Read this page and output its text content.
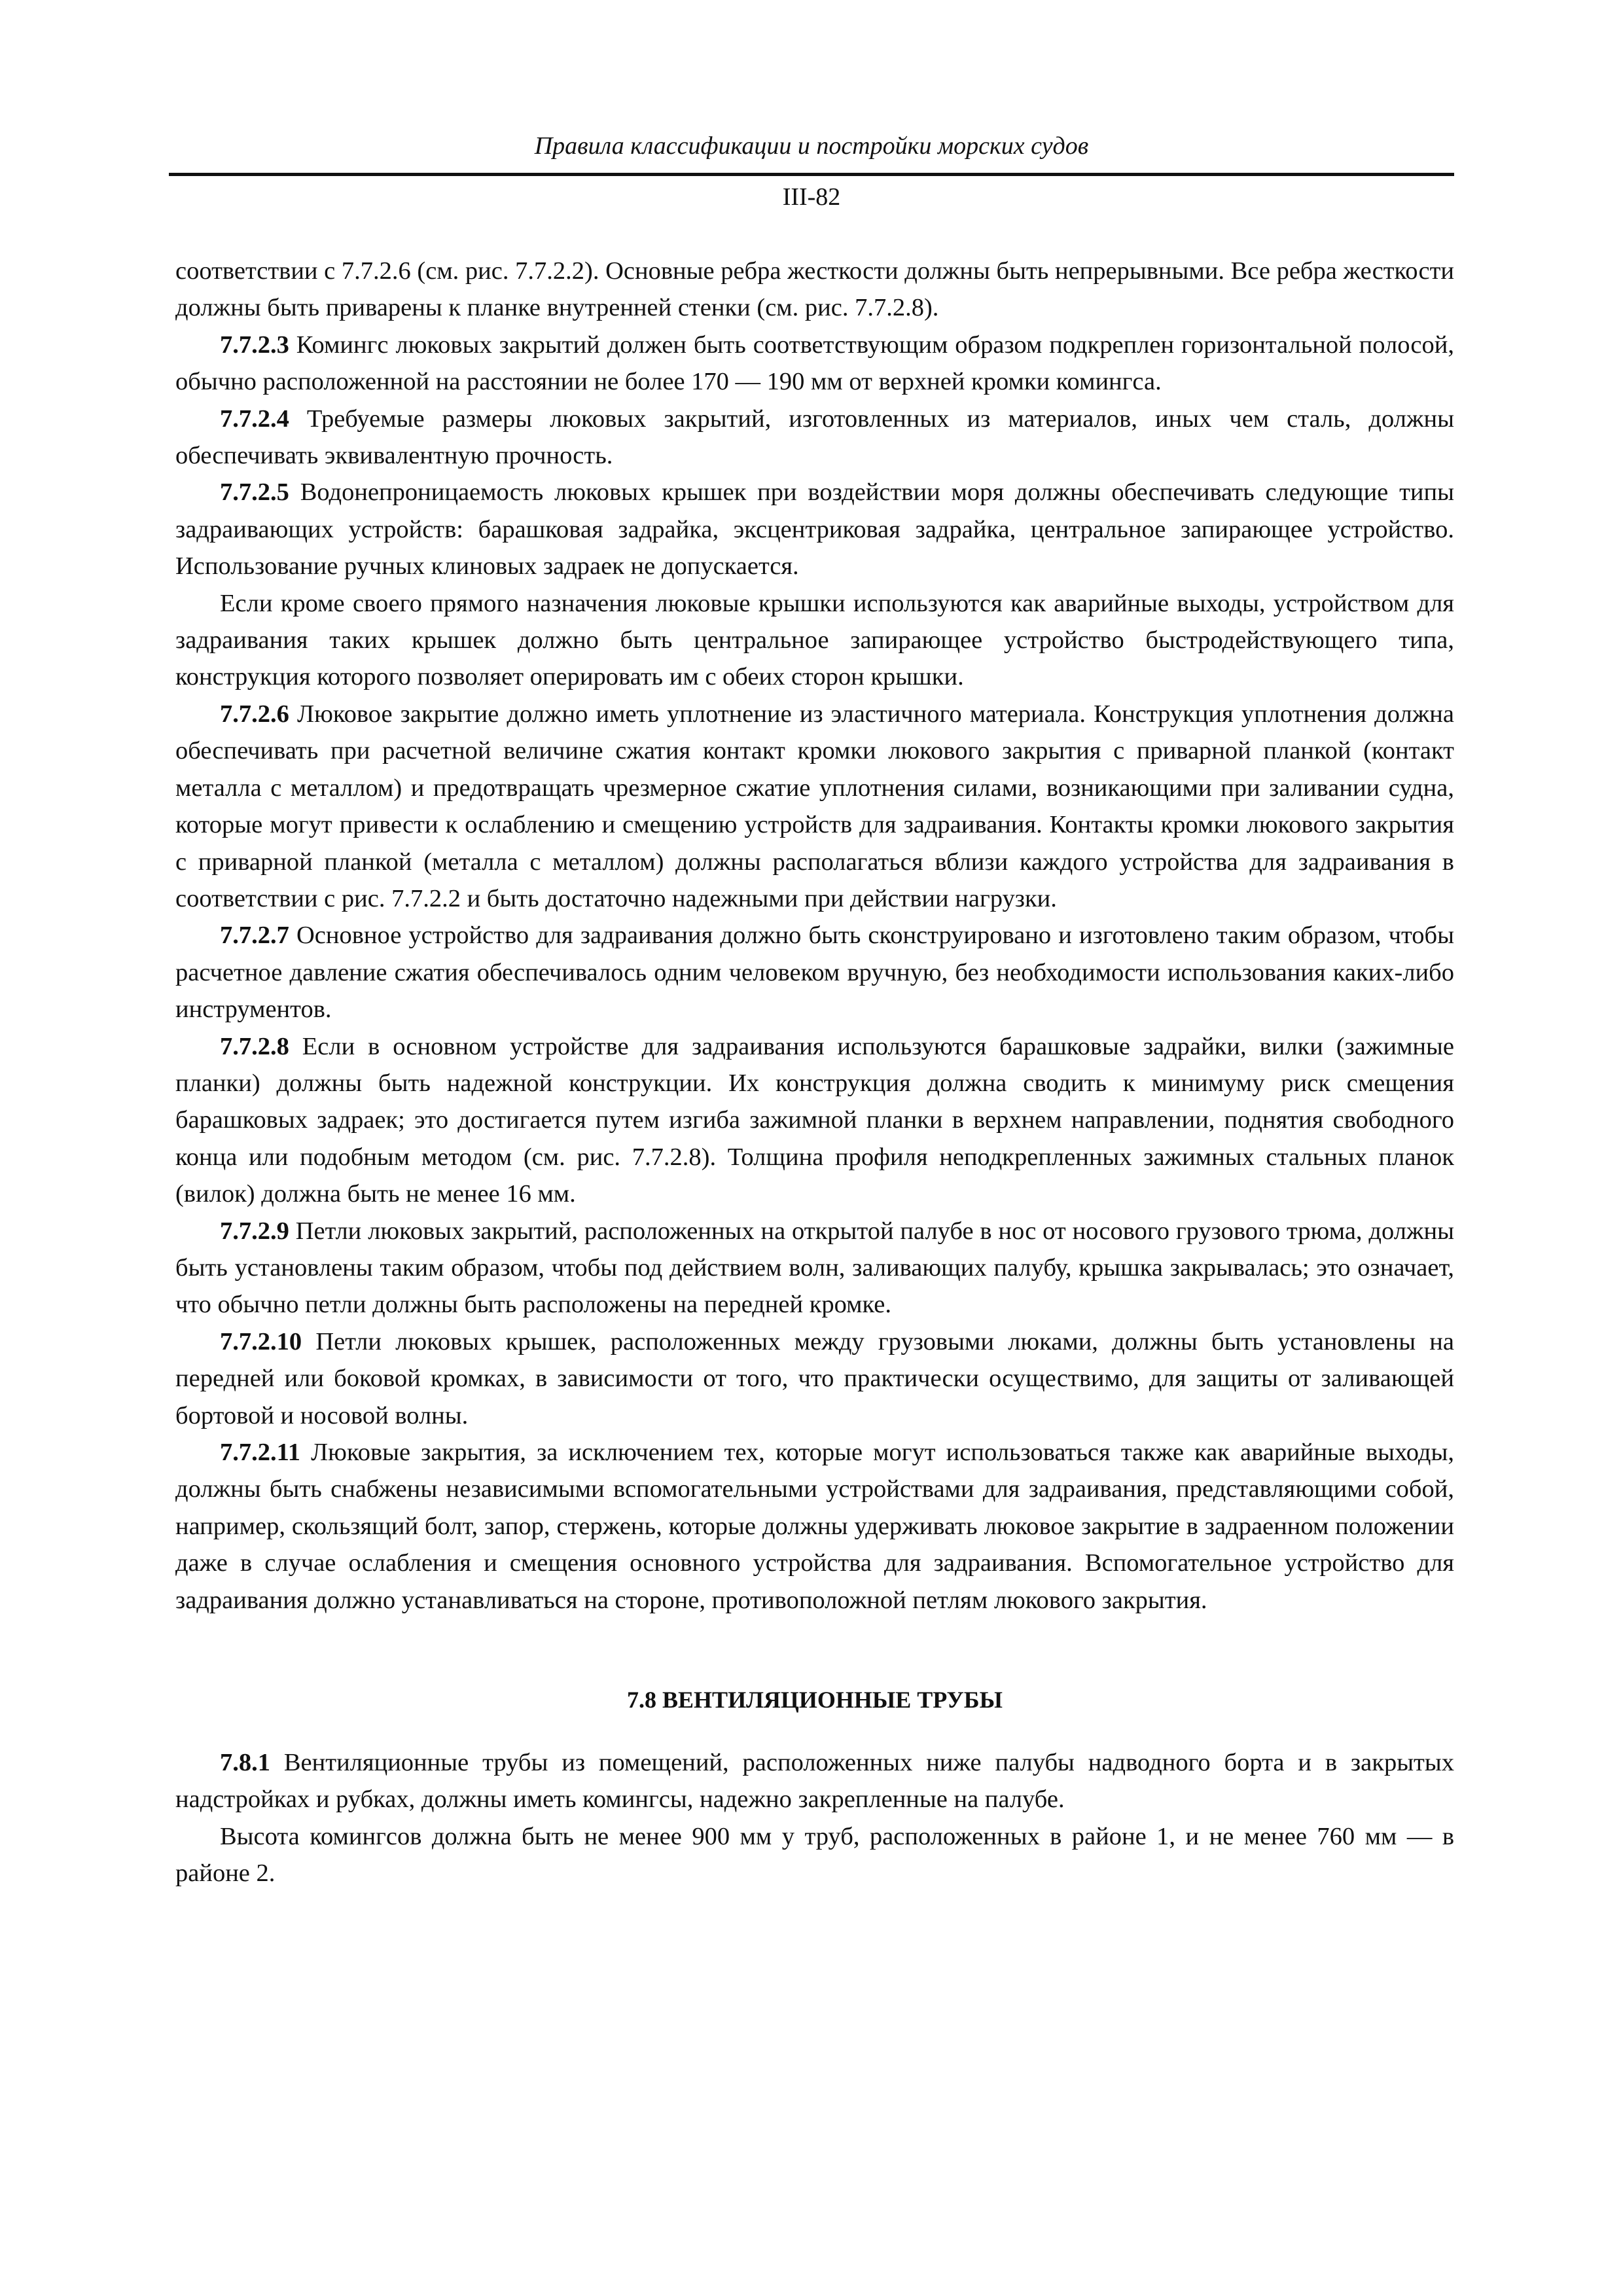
Правила классификации и постройки морских судов
III-82

соответствии с 7.7.2.6 (см. рис. 7.7.2.2). Основные ребра жесткости должны быть непрерывными. Все ребра жесткости должны быть приварены к планке внутренней стенки (см. рис. 7.7.2.8).

7.7.2.3 Комингс люковых закрытий должен быть соответствующим образом подкреплен горизонтальной полосой, обычно расположенной на расстоянии не более 170 — 190 мм от верхней кромки комингса.

7.7.2.4 Требуемые размеры люковых закрытий, изготовленных из материалов, иных чем сталь, должны обеспечивать эквивалентную прочность.

7.7.2.5 Водонепроницаемость люковых крышек при воздействии моря должны обеспечивать следующие типы задраивающих устройств: барашковая задрайка, эксцентриковая задрайка, центральное запирающее устройство. Использование ручных клиновых задраек не допускается.

Если кроме своего прямого назначения люковые крышки используются как аварийные выходы, устройством для задраивания таких крышек должно быть центральное запирающее устройство быстродействующего типа, конструкция которого позволяет оперировать им с обеих сторон крышки.

7.7.2.6 Люковое закрытие должно иметь уплотнение из эластичного материала. Конструкция уплотнения должна обеспечивать при расчетной величине сжатия контакт кромки люкового закрытия с приварной планкой (контакт металла с металлом) и предотвращать чрезмерное сжатие уплотнения силами, возникающими при заливании судна, которые могут привести к ослаблению и смещению устройств для задраивания. Контакты кромки люкового закрытия с приварной планкой (металла с металлом) должны располагаться вблизи каждого устройства для задраивания в соответствии с рис. 7.7.2.2 и быть достаточно надежными при действии нагрузки.

7.7.2.7 Основное устройство для задраивания должно быть сконструировано и изготовлено таким образом, чтобы расчетное давление сжатия обеспечивалось одним человеком вручную, без необходимости использования каких-либо инструментов.

7.7.2.8 Если в основном устройстве для задраивания используются барашковые задрайки, вилки (зажимные планки) должны быть надежной конструкции. Их конструкция должна сводить к минимуму риск смещения барашковых задраек; это достигается путем изгиба зажимной планки в верхнем направлении, поднятия свободного конца или подобным методом (см. рис. 7.7.2.8). Толщина профиля неподкрепленных зажимных стальных планок (вилок) должна быть не менее 16 мм.

7.7.2.9 Петли люковых закрытий, расположенных на открытой палубе в нос от носового грузового трюма, должны быть установлены таким образом, чтобы под действием волн, заливающих палубу, крышка закрывалась; это означает, что обычно петли должны быть расположены на передней кромке.

7.7.2.10 Петли люковых крышек, расположенных между грузовыми люками, должны быть установлены на передней или боковой кромках, в зависимости от того, что практически осуществимо, для защиты от заливающей бортовой и носовой волны.

7.7.2.11 Люковые закрытия, за исключением тех, которые могут использоваться также как аварийные выходы, должны быть снабжены независимыми вспомогательными устройствами для задраивания, представляющими собой, например, скользящий болт, запор, стержень, которые должны удерживать люковое закрытие в задраенном положении даже в случае ослабления и смещения основного устройства для задраивания. Вспомогательное устройство для задраивания должно устанавливаться на стороне, противоположной петлям люкового закрытия.

7.8 ВЕНТИЛЯЦИОННЫЕ ТРУБЫ

7.8.1 Вентиляционные трубы из помещений, расположенных ниже палубы надводного борта и в закрытых надстройках и рубках, должны иметь комингсы, надежно закрепленные на палубе.

Высота комингсов должна быть не менее 900 мм у труб, расположенных в районе 1, и не менее 760 мм — в районе 2.
